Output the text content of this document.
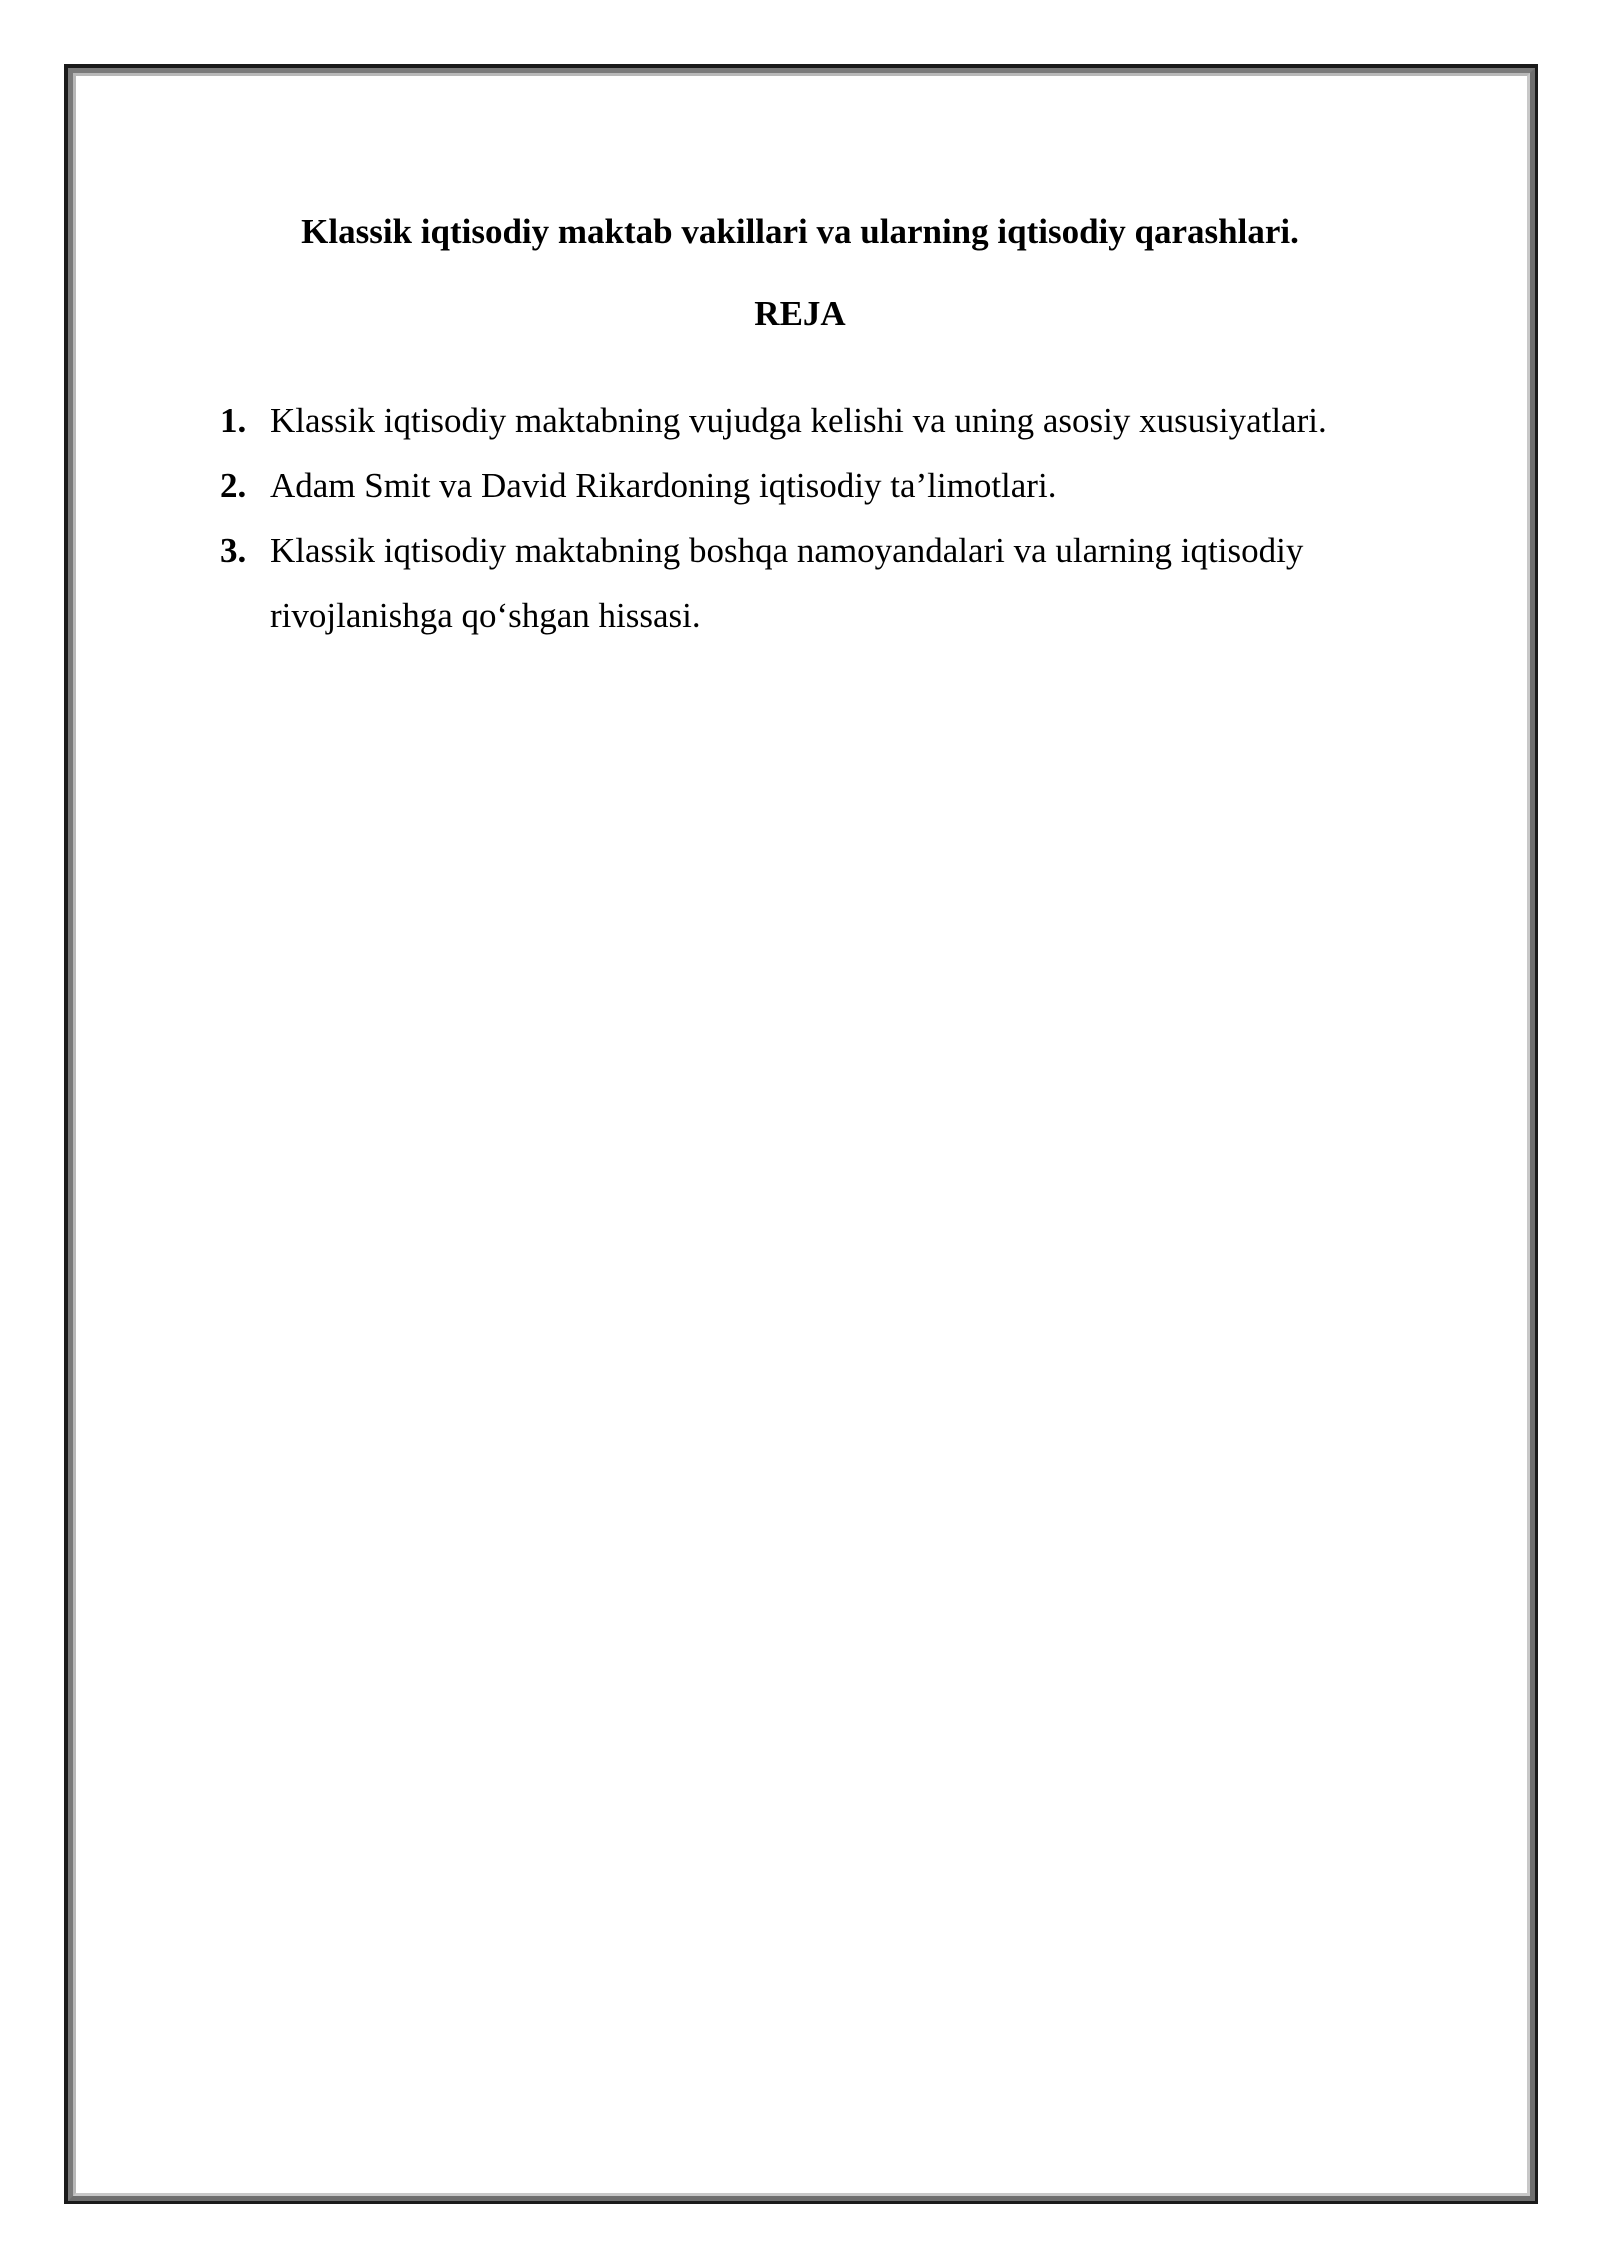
Klassik iqtisodiy maktab vakillari va ularning iqtisodiy qarashlari.
REJA
1. Klassik iqtisodiy maktabning vujudga kelishi va uning asosiy xususiyatlari.
2. Adam Smit va David Rikardoning iqtisodiy ta’limotlari.
3. Klassik iqtisodiy maktabning boshqa namoyandalari va ularning iqtisodiy rivojlanishga qo‘shgan hissasi.
